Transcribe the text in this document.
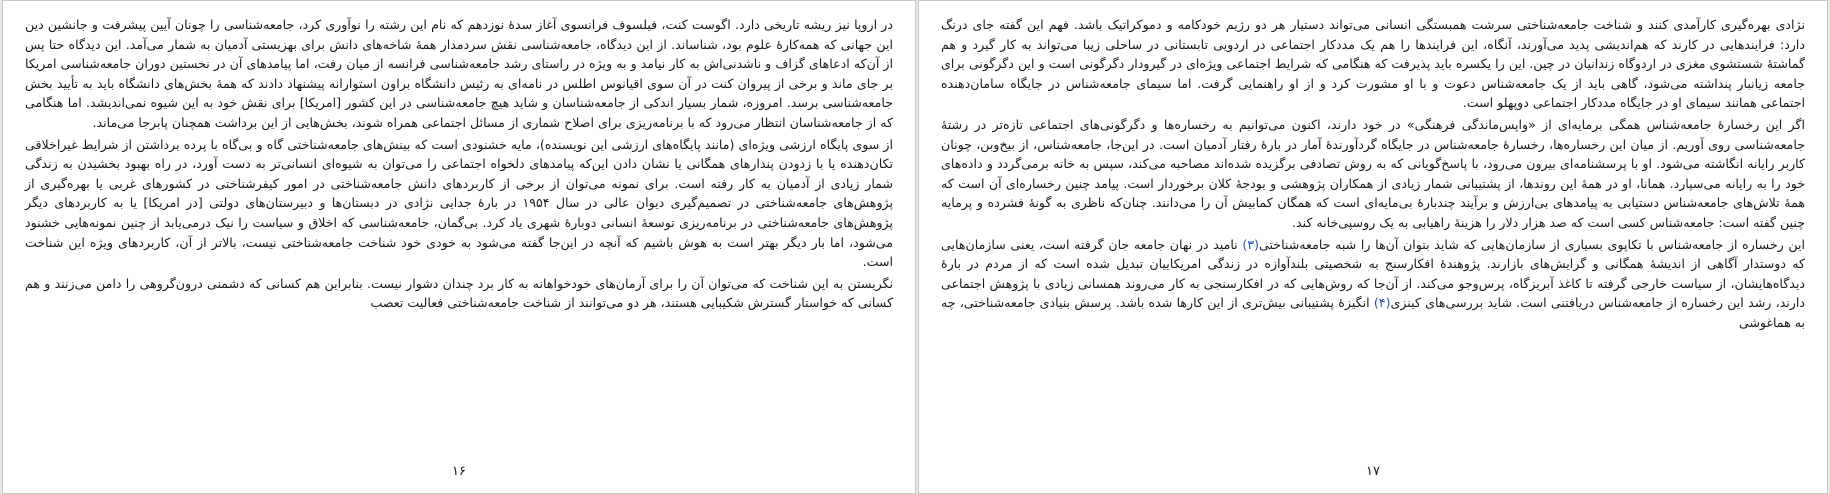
در اروپا نیز ریشه تاریخی دارد. اگوست کنت، فیلسوف فرانسوی آغاز سدهٔ نوزدهم که نام این رشته را نوآوری کرد، جامعه‌شناسی را چونان آیین پیشرفت و جانشین دین این جهانی که همه‌کارهٔ علوم بود، شناساند. از این دیدگاه، جامعه‌شناسی نقش سردمدار همهٔ شاخه‌های دانش برای بهزیستی آدمیان به شمار می‌آمد. این دیدگاه حتا پس از آن‌که ادعاهای گزاف و ناشدنی‌اش به کار نیامد و به ویژه در راستای رشد جامعه‌شناسی فرانسه از میان رفت، اما پیامدهای آن در نخستین دوران جامعه‌شناسی امریکا بر جای ماند و برخی از پیروان کنت در آن سوی اقیانوس اطلس در نامه‌ای به رئیس دانشگاه براون استوارانه پیشنهاد دادند که همهٔ بخش‌های دانشگاه باید به تأیید بخش جامعه‌شناسی برسد. امروزه، شمار بسیار اندکی از جامعه‌شناسان و شاید هیچ جامعه‌شناسی در این کشور [امریکا] برای نقش خود به این شیوه نمی‌اندیشد. اما هنگامی که از جامعه‌شناسان انتظار می‌رود که با برنامه‌ریزی برای اصلاح شماری از مسائل اجتماعی همراه شوند، بخش‌هایی از این برداشت همچنان پابرجا می‌ماند.

از سوی پایگاه ارزشی ویژه‌ای (مانند پایگاه‌های ارزشی این نویسنده)، مایه خشنودی است که بینش‌های جامعه‌شناختی گاه و بی‌گاه با پرده برداشتن از شرایط غیراخلاقی تکان‌دهنده یا با زدودن پندارهای همگانی یا نشان دادن این‌که پیامدهای دلخواه اجتماعی را می‌توان به شیوه‌ای انسانی‌تر به دست آورد، در راه بهبود بخشیدن به زندگی شمار زیادی از آدمیان به کار رفته است. برای نمونه می‌توان از برخی از کاربردهای دانش جامعه‌شناختی در امور کیفرشناختی در کشورهای غربی یا بهره‌گیری از پژوهش‌های جامعه‌شناختی در تصمیم‌گیری دیوان عالی در سال ۱۹۵۴ در بارهٔ جدایی نژادی در دبستان‌ها و دبیرستان‌های دولتی [در امریکا] یا به کاربردهای دیگر پژوهش‌های جامعه‌شناختی در برنامه‌ریزی توسعهٔ انسانی دوبارهٔ شهری یاد کرد. بی‌گمان، جامعه‌شناسی که اخلاق و سیاست را نیک درمی‌یابد از چنین نمونه‌هایی خشنود می‌شود، اما بار دیگر بهتر است به هوش باشیم که آنچه در این‌جا گفته می‌شود به خودی خود شناخت جامعه‌شناختی نیست، بالاتر از آن، کاربردهای ویژه این شناخت است.

نگریستن به این شناخت که می‌توان آن را برای آرمان‌های خودخواهانه به کار برد چندان دشوار نیست. بنابراین هم کسانی که دشمنی درون‌گروهی را دامن می‌زنند و هم کسانی که خواستار گسترش شکیبایی هستند، هر دو می‌توانند از شناخت جامعه‌شناختی فعالیت تعصب

۱۶

نژادی بهره‌گیری کارآمدی کنند و شناخت جامعه‌شناختی سرشت همبستگی انسانی می‌تواند دستیار هر دو رژیم خودکامه و دموکراتیک باشد. فهم این گفته جای درنگ دارد: فرایندهایی در کارند که هم‌اندیشی پدید می‌آورند، آنگاه، این فرایندها را هم یک مددکار اجتماعی در اردویی تابستانی در ساحلی زیبا می‌تواند به کار گیرد و هم گماشتهٔ شستشوی مغزی در اردوگاه زندانیان در چین. این را یکسره باید پذیرفت که هنگامی که شرایط اجتماعی ویژه‌ای در گیرودار دگرگونی است و این دگرگونی برای جامعه زیانبار پنداشته می‌شود، گاهی باید از یک جامعه‌شناس دعوت و با او مشورت کرد و از او راهنمایی گرفت. اما سیمای جامعه‌شناس در جایگاه سامان‌دهنده اجتماعی همانند سیمای او در جایگاه مددکار اجتماعی دوپهلو است.

اگر این رخسارهٔ جامعه‌شناس همگی برمایه‌ای از «واپس‌ماندگی فرهنگی» در خود دارند، اکنون می‌توانیم به رخساره‌ها و دگرگونی‌های اجتماعی تازه‌تر در رشتهٔ جامعه‌شناسی روی آوریم. از میان این رخساره‌ها، رخسارهٔ جامعه‌شناس در جایگاه گردآورندهٔ آمار در بارهٔ رفتار آدمیان است. در این‌جا، جامعه‌شناس، از بیخ‌وبن، چونان کاربر رایانه انگاشته می‌شود. او با پرسشنامه‌ای بیرون می‌رود، با پاسخ‌گویانی که به روش تصادفی برگزیده شده‌اند مصاحبه می‌کند، سپس به خانه برمی‌گردد و داده‌های خود را به رایانه می‌سپارد. همانا، او در همهٔ این روندها، از پشتیبانی شمار زیادی از همکاران پژوهشی و بودجهٔ کلان برخوردار است. پیامد چنین رخساره‌ای آن است که همهٔ تلاش‌های جامعه‌شناس دستیابی به پیامدهای بی‌ارزش و برآیند چندبارهٔ بی‌مایه‌ای است که همگان کمابیش آن را می‌دانند. چنان‌که ناظری به گونهٔ فشرده و پرمایه چنین گفته است: جامعه‌شناس کسی است که صد هزار دلار را هزینهٔ راهیابی به یک روسپی‌خانه کند.

این رخساره از جامعه‌شناس با تکاپوی بسیاری از سازمان‌هایی که شاید بتوان آن‌ها را شبه جامعه‌شناختی(۳) نامید در نهان جامعه جان گرفته است، یعنی سازمان‌هایی که دوستدار آگاهی از اندیشهٔ همگانی و گرایش‌های بازارند. پژوهندهٔ افکارسنج به شخصیتی بلندآوازه در زندگی امریکاییان تبدیل شده است که از مردم در بارهٔ دیدگاه‌هایشان، از سیاست خارجی گرفته تا کاغذ آبریزگاه، پرس‌وجو می‌کند. از آن‌جا که روش‌هایی که در افکارسنجی به کار می‌روند همسانی زیادی با پژوهش اجتماعی دارند، رشد این رخساره از جامعه‌شناس دریافتنی است. شاید بررسی‌های کینزی(۴) انگیزهٔ پشتیبانی بیش‌تری از این کارها شده باشد. پرسش بنیادی جامعه‌شناختی، چه به هماغوشی

۱۷
